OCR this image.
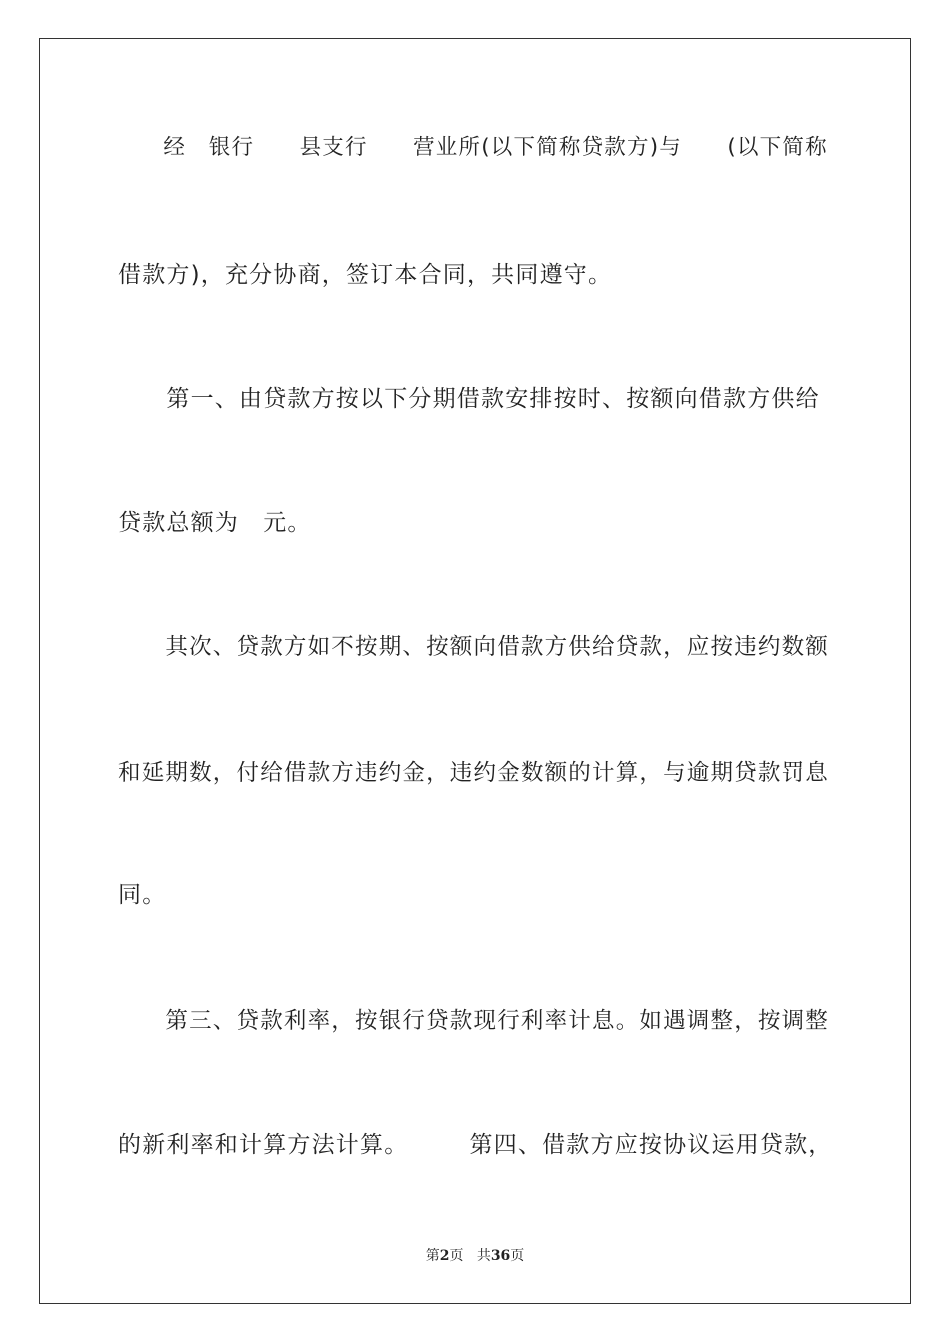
　　经　银行　　县支行　　营业所(以下简称贷款方)与　　(以下简称
借款方)，充分协商，签订本合同，共同遵守。
　　第一、由贷款方按以下分期借款安排按时、按额向借款方供给
贷款总额为　元。
　　其次、贷款方如不按期、按额向借款方供给贷款，应按违约数额
和延期数，付给借款方违约金，违约金数额的计算，与逾期贷款罚息
同。
　　第三、贷款利率，按银行贷款现行利率计息。如遇调整，按调整
的新利率和计算方法计算。　　　第四、借款方应按协议运用贷款，
第2页 共36页
